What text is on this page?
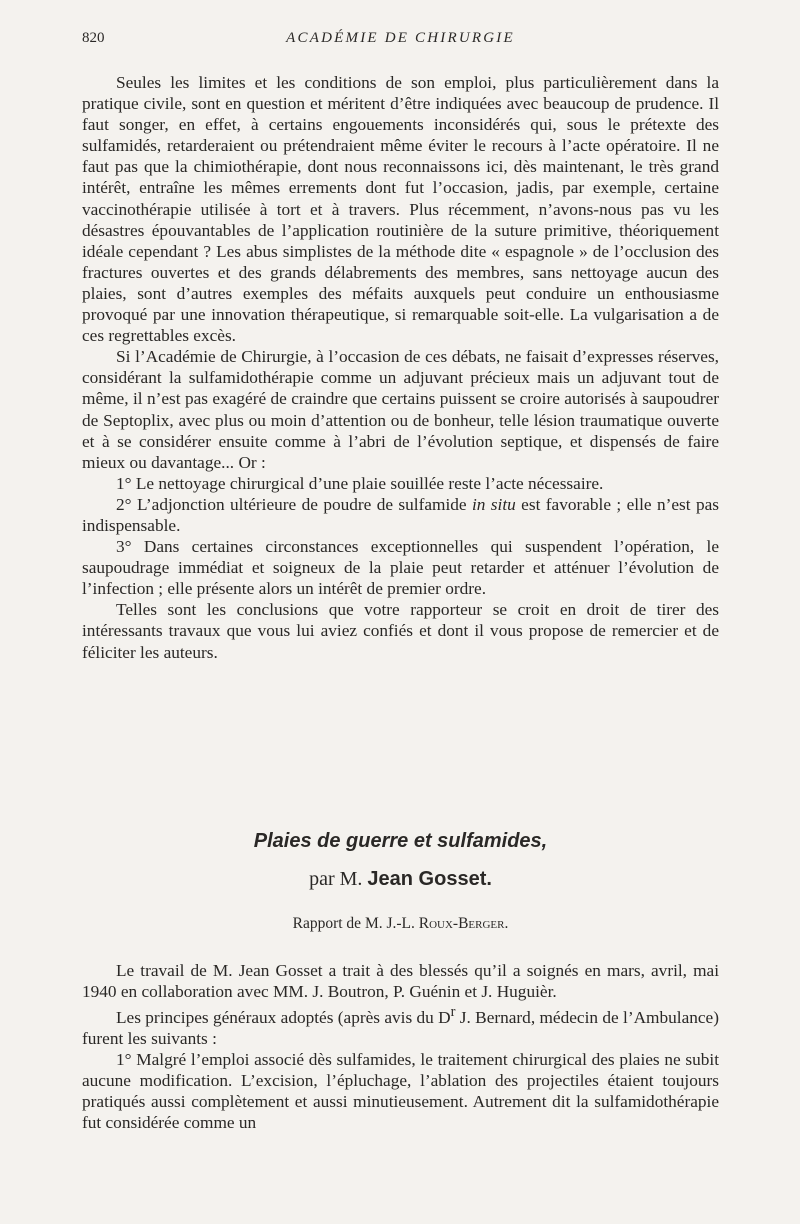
820	ACADÉMIE DE CHIRURGIE

Seules les limites et les conditions de son emploi, plus particulièrement dans la pratique civile, sont en question et méritent d’être indiquées avec beaucoup de prudence. Il faut songer, en effet, à certains engouements inconsidérés qui, sous le prétexte des sulfamidés, retarderaient ou prétendraient même éviter le recours à l’acte opératoire. Il ne faut pas que la chimiothérapie, dont nous reconnaissons ici, dès maintenant, le très grand intérêt, entraîne les mêmes errements dont fut l’occasion, jadis, par exemple, certaine vaccinothérapie utilisée à tort et à travers. Plus récemment, n’avons-nous pas vu les désastres épouvantables de l’application routinière de la suture primitive, théoriquement idéale cependant ? Les abus simplistes de la méthode dite « espagnole » de l’occlusion des fractures ouvertes et des grands délabrements des membres, sans nettoyage aucun des plaies, sont d’autres exemples des méfaits auxquels peut conduire un enthousiasme provoqué par une innovation thérapeutique, si remarquable soit-elle. La vulgarisation a de ces regrettables excès.

Si l’Académie de Chirurgie, à l’occasion de ces débats, ne faisait d’expresses réserves, considérant la sulfamidothérapie comme un adjuvant précieux mais un adjuvant tout de même, il n’est pas exagéré de craindre que certains puissent se croire autorisés à saupoudrer de Septoplix, avec plus ou moin d’attention ou de bonheur, telle lésion traumatique ouverte et à se considérer ensuite comme à l’abri de l’évolution septique, et dispensés de faire mieux ou davantage... Or :

1° Le nettoyage chirurgical d’une plaie souillée reste l’acte nécessaire.

2° L’adjonction ultérieure de poudre de sulfamide in situ est favorable ; elle n’est pas indispensable.

3° Dans certaines circonstances exceptionnelles qui suspendent l’opération, le saupoudrage immédiat et soigneux de la plaie peut retarder et atténuer l’évolution de l’infection ; elle présente alors un intérêt de premier ordre.

Telles sont les conclusions que votre rapporteur se croit en droit de tirer des intéressants travaux que vous lui aviez confiés et dont il vous propose de remercier et de féliciter les auteurs.

Plaies de guerre et sulfamides,
par M. Jean Gosset.
Rapport de M. J.-L. Roux-Berger.

Le travail de M. Jean Gosset a trait à des blessés qu’il a soignés en mars, avril, mai 1940 en collaboration avec MM. J. Boutron, P. Guénin et J. Huguièr.

Les principes généraux adoptés (après avis du $D^r$ J. Bernard, médecin de l’Ambulance) furent les suivants :

1° Malgré l’emploi associé dès sulfamides, le traitement chirurgical des plaies ne subit aucune modification. L’excision, l’épluchage, l’ablation des projectiles étaient toujours pratiqués aussi complètement et aussi minutieusement. Autrement dit la sulfamidothérapie fut considérée comme un
